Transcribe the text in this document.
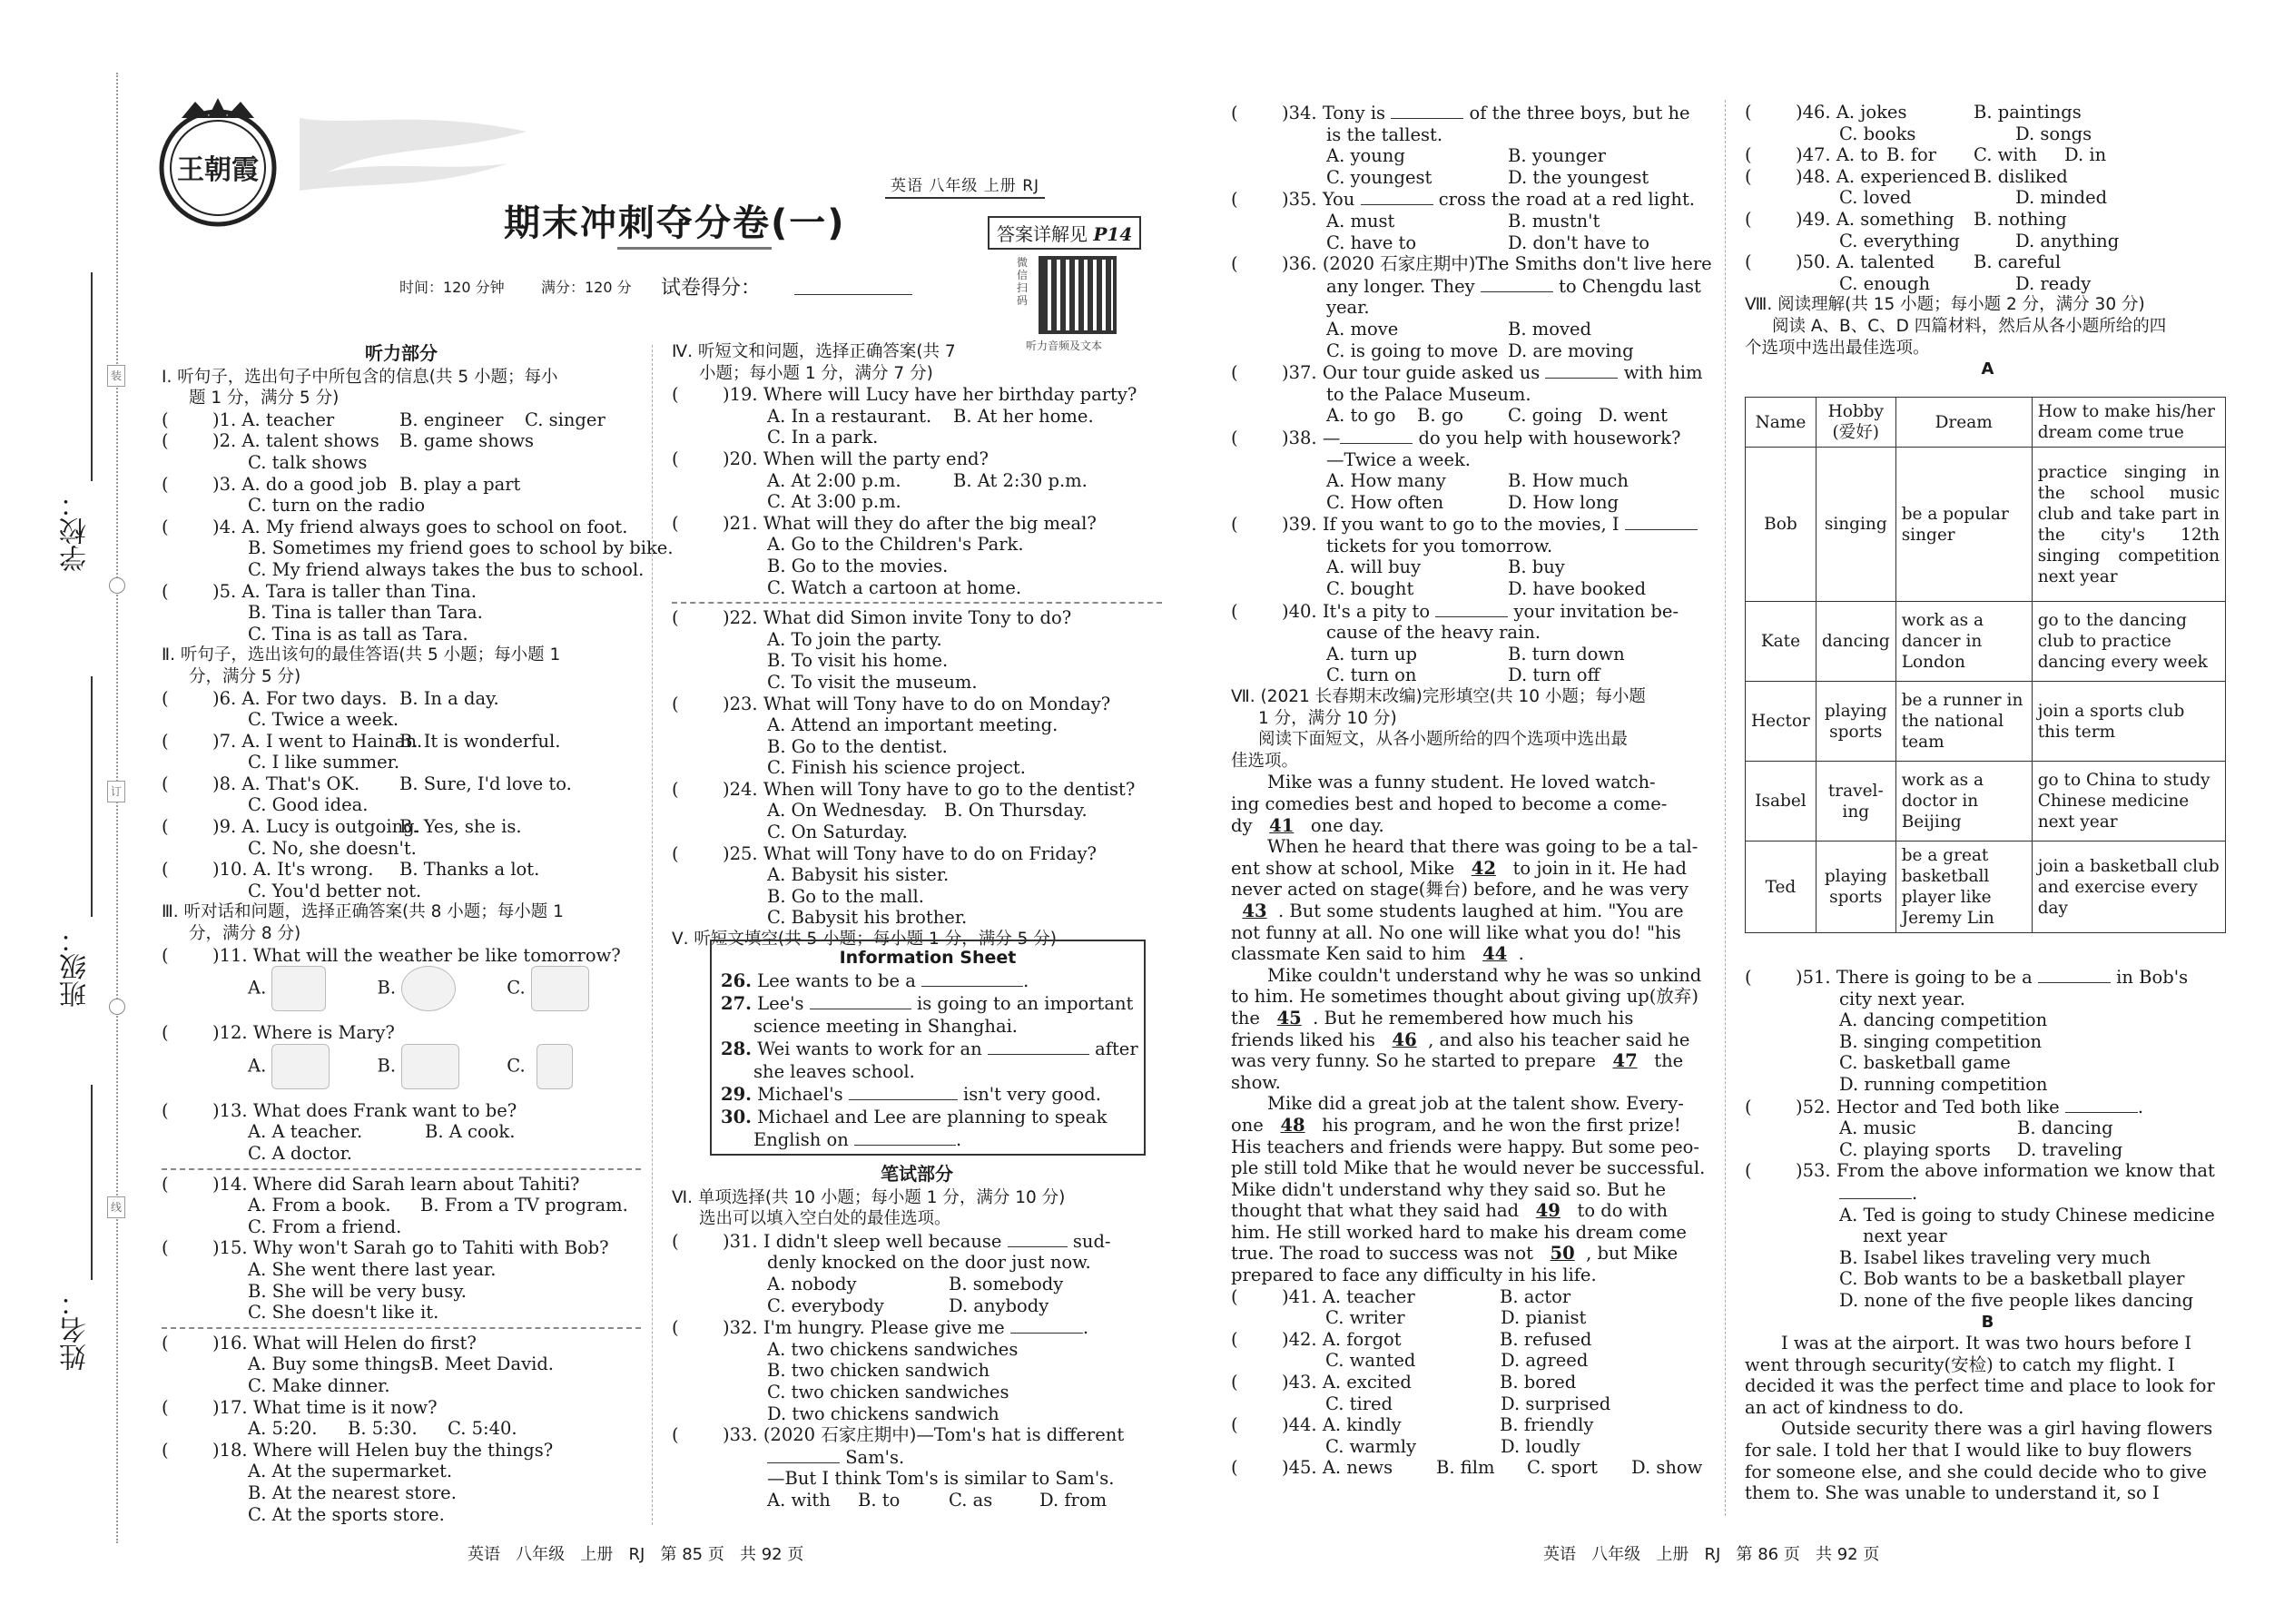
学校：
班级：
姓名：
装
订
线
王朝霞	英语 八年级 上册 RJ
期末冲刺夺分卷(一)	答案详解见 P14
微信扫码
听力音频及文本
时间：120 分钟	满分：120 分 试卷得分：
听力部分
Ⅰ. 听句子，选出句子中所包含的信息(共 5 小题；每小
题 1 分，满分 5 分)
( )1. A. teacher	B. engineer C. singer
( )2. A. talent shows B. game shows
C. talk shows
( )3. A. do a good job B. play a part
C. turn on the radio
( )4. A. My friend always goes to school on foot.
B. Sometimes my friend goes to school by bike.
C. My friend always takes the bus to school.
( )5. A. Tara is taller than Tina.
B. Tina is taller than Tara.
C. Tina is as tall as Tara.
Ⅱ. 听句子，选出该句的最佳答语(共 5 小题；每小题 1
分，满分 5 分)
( )6. A. For two days. B. In a day.
C. Twice a week.
( )7. A. I went to Hainan.B. It is wonderful.
C. I like summer.
( )8. A. That's OK. B. Sure, I'd love to.
C. Good idea.
( )9. A. Lucy is outgoing.B. Yes, she is.
C. No, she doesn't.
( )10. A. It's wrong. B. Thanks a lot.
C. You'd better not.
Ⅲ. 听对话和问题，选择正确答案(共 8 小题；每小题 1
分，满分 8 分)
( )11. What will the weather be like tomorrow?
A.	B.	C.
( )12. Where is Mary?
A.	B.	C.
( )13. What does Frank want to be?
A. A teacher.	B. A cook.
C. A doctor.
( )14. Where did Sarah learn about Tahiti?
A. From a book. B. From a TV program.
C. From a friend.
( )15. Why won't Sarah go to Tahiti with Bob?
A. She went there last year.
B. She will be very busy.
C. She doesn't like it.
( )16. What will Helen do first?
A. Buy some things.B. Meet David.
C. Make dinner.
( )17. What time is it now?
A. 5:20. B. 5:30. C. 5:40.
( )18. Where will Helen buy the things?
A. At the supermarket.
B. At the nearest store.
C. At the sports store.
Ⅳ. 听短文和问题，选择正确答案(共 7
小题；每小题 1 分，满分 7 分)
( )19. Where will Lucy have her birthday party?
A. In a restaurant. B. At her home.
C. In a park.
( )20. When will the party end?
A. At 2:00 p.m.	B. At 2:30 p.m.
C. At 3:00 p.m.
( )21. What will they do after the big meal?
A. Go to the Children's Park.
B. Go to the movies.
C. Watch a cartoon at home.
( )22. What did Simon invite Tony to do?
A. To join the party.
B. To visit his home.
C. To visit the museum.
( )23. What will Tony have to do on Monday?
A. Attend an important meeting.
B. Go to the dentist.
C. Finish his science project.
( )24. When will Tony have to go to the dentist?
A. On Wednesday. B. On Thursday.
C. On Saturday.
( )25. What will Tony have to do on Friday?
A. Babysit his sister.
B. Go to the mall.
C. Babysit his brother.
Ⅴ. 听短文填空(共 5 小题；每小题 1 分，满分 5 分)
Information Sheet
26. Lee wants to be a	.
27. Lee's	is going to an important
science meeting in Shanghai.
28. Wei wants to work for an	after
she leaves school.
29. Michael's	isn't very good.
30. Michael and Lee are planning to speak
English on	.
笔试部分
Ⅵ. 单项选择(共 10 小题；每小题 1 分，满分 10 分)
选出可以填入空白处的最佳选项。
( )31. I didn't sleep well because	sud-
denly knocked on the door just now.
A. nobody	B. somebody
C. everybody	D. anybody
( )32. I'm hungry. Please give me	.
A. two chickens sandwiches
B. two chicken sandwich
C. two chicken sandwiches
D. two chickens sandwich
( )33. (2020 石家庄期中)—Tom's hat is different
Sam's.
—But I think Tom's is similar to Sam's.
A. with B. to	C. as	D. from
( )34. Tony is	of the three boys, but he
is the tallest.
A. young	B. younger
C. youngest	D. the youngest
( )35. You	cross the road at a red light.
A. must	B. mustn't
C. have to	D. don't have to
( )36. (2020 石家庄期中)The Smiths don't live here
any longer. They	to Chengdu last
year.
A. move	B. moved
C. is going to move D. are moving
( )37. Our tour guide asked us	with him
to the Palace Museum.
A. to go B. go	C. going D. went
( )38. —	do you help with housework?
—Twice a week.
A. How many	B. How much
C. How often	D. How long
( )39. If you want to go to the movies, I
tickets for you tomorrow.
A. will buy	B. buy
C. bought	D. have booked
( )40. It's a pity to	your invitation be-
cause of the heavy rain.
A. turn up	B. turn down
C. turn on	D. turn off
Ⅶ. (2021 长春期末改编)完形填空(共 10 小题；每小题
1 分，满分 10 分)
阅读下面短文，从各小题所给的四个选项中选出最
佳选项。
Mike was a funny student. He loved watch-
ing comedies best and hoped to become a come-
dy 41 one day.
When he heard that there was going to be a tal-
ent show at school, Mike 42 to join in it. He had
never acted on stage(舞台) before, and he was very
43 . But some students laughed at him. "You are
not funny at all. No one will like what you do! "his
classmate Ken said to him 44 .
Mike couldn't understand why he was so unkind
to him. He sometimes thought about giving up(放弃)
the 45 . But he remembered how much his
friends liked his 46 , and also his teacher said he
was very funny. So he started to prepare 47 the
show.
Mike did a great job at the talent show. Every-
one 48 his program, and he won the first prize!
His teachers and friends were happy. But some peo-
ple still told Mike that he would never be successful.
Mike didn't understand why they said so. But he
thought that what they said had 49 to do with
him. He still worked hard to make his dream come
true. The road to success was not 50 , but Mike
prepared to face any difficulty in his life.
( )41. A. teacher	B. actor
C. writer	D. pianist
( )42. A. forgot	B. refused
C. wanted	D. agreed
( )43. A. excited	B. bored
C. tired	D. surprised
( )44. A. kindly	B. friendly
C. warmly	D. loudly
( )45. A. news B. film C. sport D. show
( )46. A. jokes	B. paintings
C. books	D. songs
( )47. A. to B. for C. with D. in
( )48. A. experienced B. disliked
C. loved	D. minded
( )49. A. something B. nothing
C. everything	D. anything
( )50. A. talented B. careful
C. enough	D. ready
Ⅷ. 阅读理解(共 15 小题；每小题 2 分，满分 30 分)
阅读 A、B、C、D 四篇材料，然后从各小题所给的四
个选项中选出最佳选项。
A
Name	Hobby (爱好)	Dream	How to make his/her dream come true
Bob	singing	be a popular singer	practice singing in the school music club and take part in the city's 12th singing competition next year
Kate	dancing	work as a dancer in London	go to the dancing club to practice dancing every week
Hector	playing sports	be a runner in the national team	join a sports club this term
Isabel	travel-ing	work as a doctor in Beijing	go to China to study Chinese medicine next year
Ted	playing sports	be a great basketball player like Jeremy Lin	join a basketball club and exercise every day
( )51. There is going to be a	in Bob's
city next year.
A. dancing competition
B. singing competition
C. basketball game
D. running competition
( )52. Hector and Ted both like	.
A. music	B. dancing
C. playing sports D. traveling
( )53. From the above information we know that
.
A. Ted is going to study Chinese medicine
next year
B. Isabel likes traveling very much
C. Bob wants to be a basketball player
D. none of the five people likes dancing
B
I was at the airport. It was two hours before I
went through security(安检) to catch my flight. I
decided it was the perfect time and place to look for
an act of kindness to do.
Outside security there was a girl having flowers
for sale. I told her that I would like to buy flowers
for someone else, and she could decide who to give
them to. She was unable to understand it, so I
英语   八年级   上册   RJ   第 85 页   共 92 页	英语   八年级   上册   RJ   第 86 页   共 92 页
